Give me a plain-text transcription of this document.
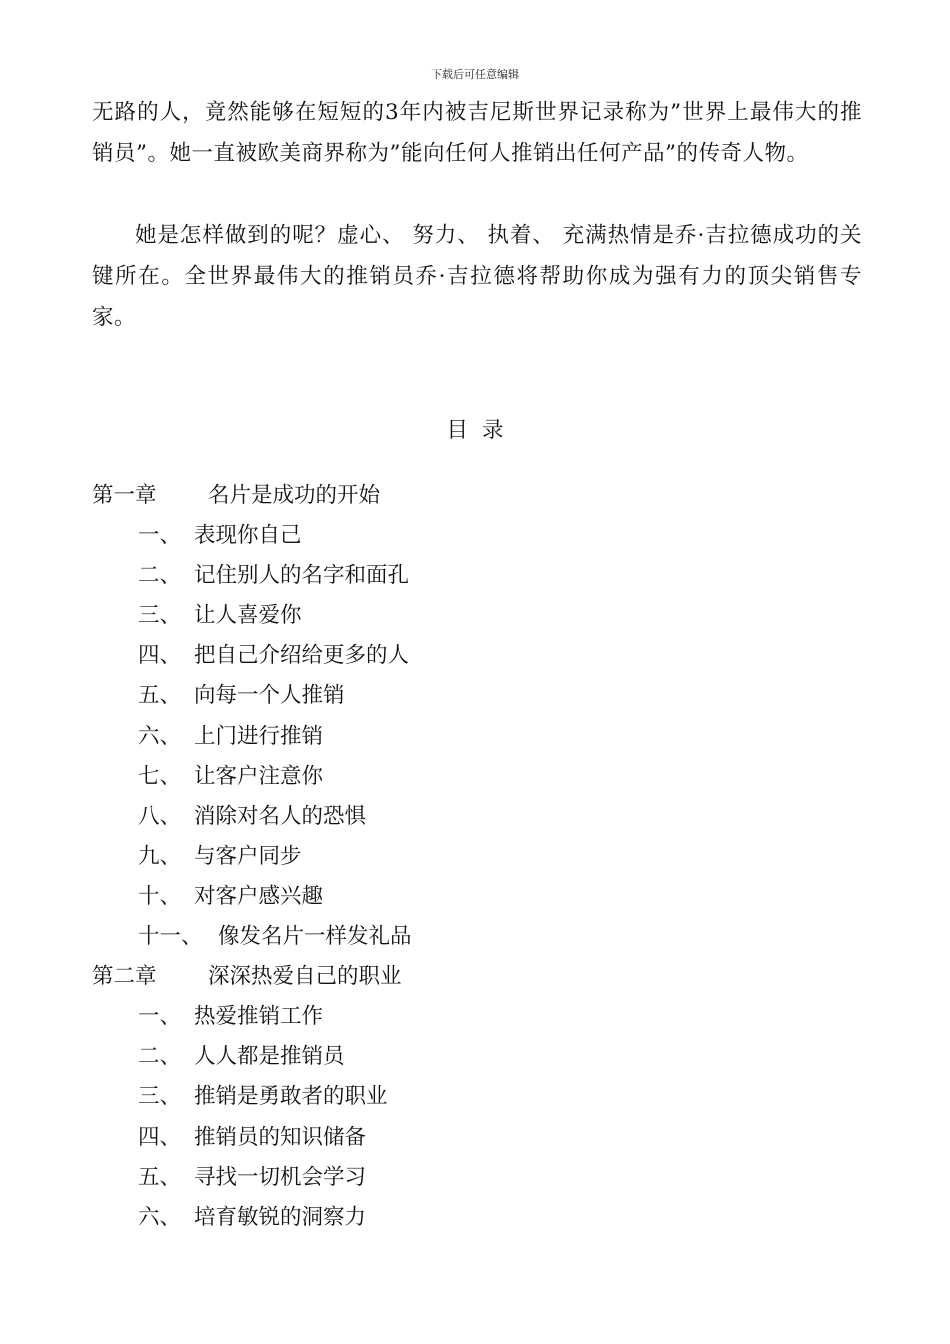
下载后可任意编辑
无路的人，竟然能够在短短的3年内被吉尼斯世界记录称为”世界上最伟大的推销员”。她一直被欧美商界称为”能向任何人推销出任何产品”的传奇人物。
她是怎样做到的呢？虚心、 努力、 执着、 充满热情是乔·吉拉德成功的关键所在。全世界最伟大的推销员乔·吉拉德将帮助你成为强有力的顶尖销售专家。
目录
第一章 名片是成功的开始
一、 表现你自己
二、 记住别人的名字和面孔
三、 让人喜爱你
四、 把自己介绍给更多的人
五、 向每一个人推销
六、 上门进行推销
七、 让客户注意你
八、 消除对名人的恐惧
九、 与客户同步
十、 对客户感兴趣
十一、 像发名片一样发礼品
第二章 深深热爱自己的职业
一、 热爱推销工作
二、 人人都是推销员
三、 推销是勇敢者的职业
四、 推销员的知识储备
五、 寻找一切机会学习
六、 培育敏锐的洞察力
